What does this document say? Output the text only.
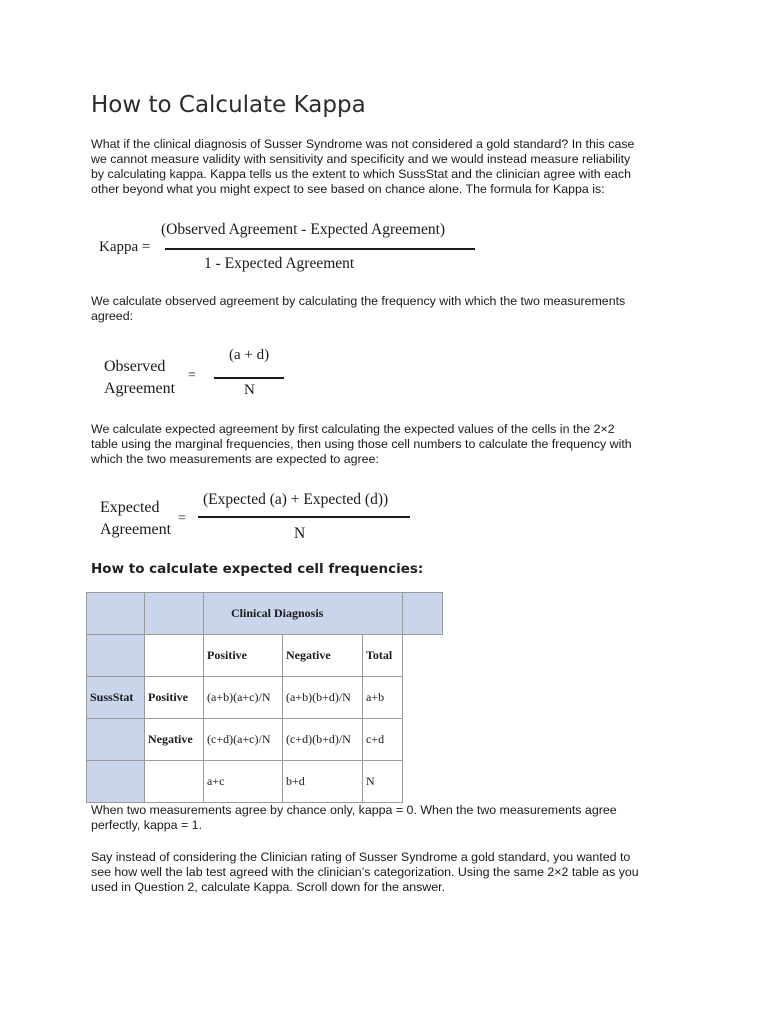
How to Calculate Kappa

What if the clinical diagnosis of Susser Syndrome was not considered a gold standard? In this case
we cannot measure validity with sensitivity and specificity and we would instead measure reliability
by calculating kappa. Kappa tells us the extent to which SussStat and the clinician agree with each
other beyond what you might expect to see based on chance alone. The formula for Kappa is:

Kappa =
(Observed Agreement - Expected Agreement)
1 - Expected Agreement

We calculate observed agreement by calculating the frequency with which the two measurements
agreed:

Observed
Agreement
=
(a + d)
N

We calculate expected agreement by first calculating the expected values of the cells in the 2×2
table using the marginal frequencies, then using those cell numbers to calculate the frequency with
which the two measurements are expected to agree:

Expected
Agreement
=
(Expected (a) + Expected (d))
N
How to calculate expected cell frequencies:
		Clinical Diagnosis			
		Positive	Negative	Total	
SussStat	Positive	(a+b)(a+c)/N	(a+b)(b+d)/N	a+b	
	Negative	(c+d)(a+c)/N	(c+d)(b+d)/N	c+d	
		a+c	b+d	N	

When two measurements agree by chance only, kappa = 0. When the two measurements agree
perfectly, kappa = 1.

Say instead of considering the Clinician rating of Susser Syndrome a gold standard, you wanted to
see how well the lab test agreed with the clinician’s categorization. Using the same 2×2 table as you
used in Question 2, calculate Kappa. Scroll down for the answer.
